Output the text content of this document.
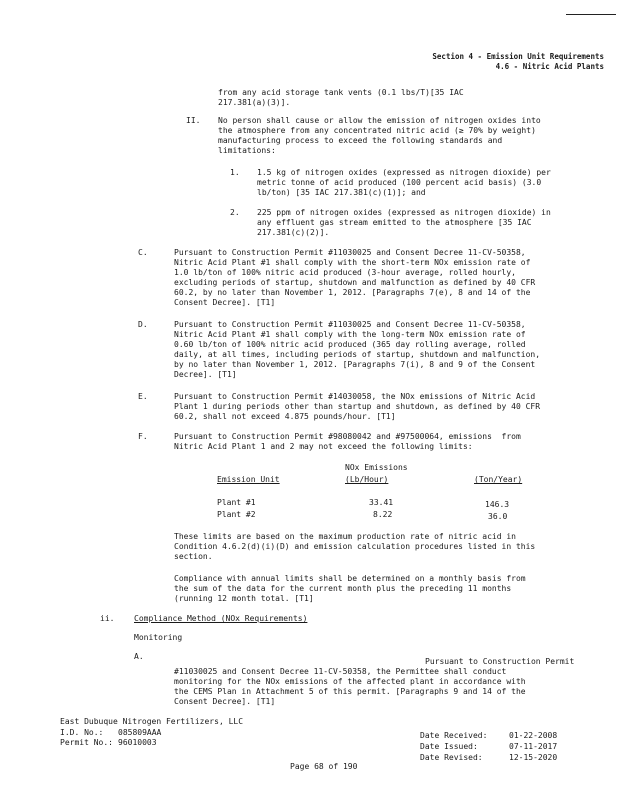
Section 4 - Emission Unit Requirements
4.6 - Nitric Acid Plants
from any acid storage tank vents (0.1 lbs/T)[35 IAC
217.381(a)(3)].
II. No person shall cause or allow the emission of nitrogen oxides into
the atmosphere from any concentrated nitric acid (≥ 70% by weight)
manufacturing process to exceed the following standards and
limitations:
1. 1.5 kg of nitrogen oxides (expressed as nitrogen dioxide) per
metric tonne of acid produced (100 percent acid basis) (3.0
lb/ton) [35 IAC 217.381(c)(1)]; and
2. 225 ppm of nitrogen oxides (expressed as nitrogen dioxide) in
any effluent gas stream emitted to the atmosphere [35 IAC
217.381(c)(2)].
C.	Pursuant to Construction Permit #11030025 and Consent Decree 11-CV-50358,
Nitric Acid Plant #1 shall comply with the short-term NOx emission rate of
1.0 lb/ton of 100% nitric acid produced (3-hour average, rolled hourly,
excluding periods of startup, shutdown and malfunction as defined by 40 CFR
60.2, by no later than November 1, 2012. [Paragraphs 7(e), 8 and 14 of the
Consent Decree]. [T1]
D.	Pursuant to Construction Permit #11030025 and Consent Decree 11-CV-50358,
Nitric Acid Plant #1 shall comply with the long-term NOx emission rate of
0.60 lb/ton of 100% nitric acid produced (365 day rolling average, rolled
daily, at all times, including periods of startup, shutdown and malfunction,
by no later than November 1, 2012. [Paragraphs 7(i), 8 and 9 of the Consent
Decree]. [T1]
E.	Pursuant to Construction Permit #14030058, the NOx emissions of Nitric Acid
Plant 1 during periods other than startup and shutdown, as defined by 40 CFR
60.2, shall not exceed 4.875 pounds/hour. [T1]
F.	Pursuant to Construction Permit #98080042 and #97500064, emissions  from
Nitric Acid Plant 1 and 2 may not exceed the following limits:
NOx Emissions
Emission Unit	(Lb/Hour)	(Ton/Year)
Plant #1	33.41	146.3
Plant #2	8.22	36.0
These limits are based on the maximum production rate of nitric acid in
Condition 4.6.2(d)(i)(D) and emission calculation procedures listed in this
section.
Compliance with annual limits shall be determined on a monthly basis from
the sum of the data for the current month plus the preceding 11 months
(running 12 month total. [T1]
ii. Compliance Method (NOx Requirements)
Monitoring
A.
Pursuant to Construction Permit
#11030025 and Consent Decree 11-CV-50358, the Permittee shall conduct
monitoring for the NOx emissions of the affected plant in accordance with
the CEMS Plan in Attachment 5 of this permit. [Paragraphs 9 and 14 of the
Consent Decree]. [T1]
East Dubuque Nitrogen Fertilizers, LLC
I.D. No.: 085809AAA
Permit No.: 96010003
Date Received:	01-22-2008
Date Issued:	07-11-2017
Date Revised:	12-15-2020
Page 68 of 190
